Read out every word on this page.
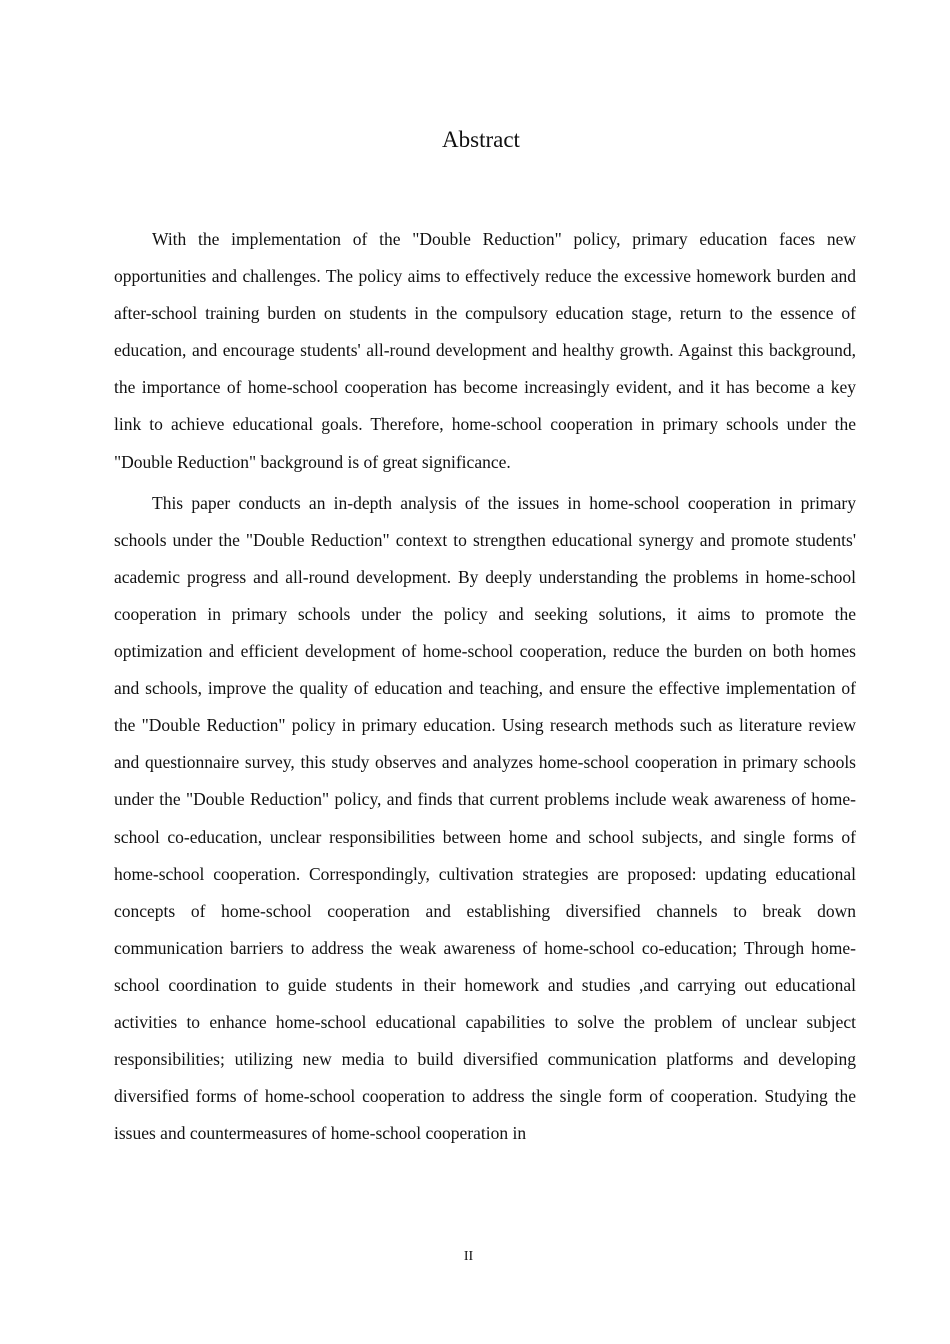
Abstract

With the implementation of the "Double Reduction" policy, primary education faces new opportunities and challenges. The policy aims to effectively reduce the excessive homework burden and after-school training burden on students in the compulsory education stage, return to the essence of education, and encourage students' all-round development and healthy growth. Against this background, the importance of home-school cooperation has become increasingly evident, and it has become a key link to achieve educational goals. Therefore, home-school cooperation in primary schools under the "Double Reduction" background is of great significance.

This paper conducts an in-depth analysis of the issues in home-school cooperation in primary schools under the "Double Reduction" context to strengthen educational synergy and promote students' academic progress and all-round development. By deeply understanding the problems in home-school cooperation in primary schools under the policy and seeking solutions, it aims to promote the optimization and efficient development of home-school cooperation, reduce the burden on both homes and schools, improve the quality of education and teaching, and ensure the effective implementation of the "Double Reduction" policy in primary education. Using research methods such as literature review and questionnaire survey, this study observes and analyzes home-school cooperation in primary schools under the "Double Reduction" policy, and finds that current problems include weak awareness of home-school co-education, unclear responsibilities between home and school subjects, and single forms of home-school cooperation. Correspondingly, cultivation strategies are proposed: updating educational concepts of home-school cooperation and establishing diversified channels to break down communication barriers to address the weak awareness of home-school co-education; Through home-school coordination to guide students in their homework and studies ,and carrying out educational activities to enhance home-school educational capabilities to solve the problem of unclear subject responsibilities; utilizing new media to build diversified communication platforms and developing diversified forms of home-school cooperation to address the single form of cooperation. Studying the issues and countermeasures of home-school cooperation in

II
